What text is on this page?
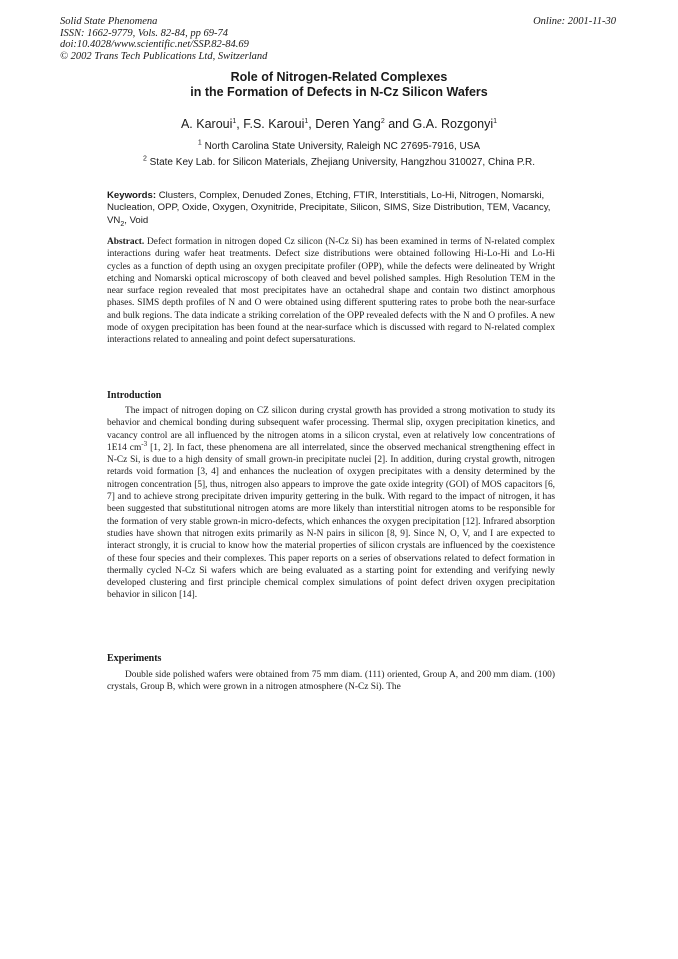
Solid State Phenomena
ISSN: 1662-9779, Vols. 82-84, pp 69-74
doi:10.4028/www.scientific.net/SSP.82-84.69
© 2002 Trans Tech Publications Ltd, Switzerland
Online: 2001-11-30
Role of Nitrogen-Related Complexes
in the Formation of Defects in N-Cz Silicon Wafers
A. Karoui$^1$, F.S. Karoui$^1$, Deren Yang$^2$ and G.A. Rozgonyi$^1$
$^1$ North Carolina State University, Raleigh NC 27695-7916, USA
$^2$ State Key Lab. for Silicon Materials, Zhejiang University, Hangzhou 310027, China P.R.
Keywords: Clusters, Complex, Denuded Zones, Etching, FTIR, Interstitials, Lo-Hi, Nitrogen, Nomarski, Nucleation, OPP, Oxide, Oxygen, Oxynitride, Precipitate, Silicon, SIMS, Size Distribution, TEM, Vacancy, $VN_2$, Void
Abstract. Defect formation in nitrogen doped Cz silicon (N-Cz Si) has been examined in terms of N-related complex interactions during wafer heat treatments. Defect size distributions were obtained following Hi-Lo-Hi and Lo-Hi cycles as a function of depth using an oxygen precipitate profiler (OPP), while the defects were delineated by Wright etching and Nomarski optical microscopy of both cleaved and bevel polished samples. High Resolution TEM in the near surface region revealed that most precipitates have an octahedral shape and contain two distinct amorphous phases. SIMS depth profiles of N and O were obtained using different sputtering rates to probe both the near-surface and bulk regions. The data indicate a striking correlation of the OPP revealed defects with the N and O profiles. A new mode of oxygen precipitation has been found at the near-surface which is discussed with regard to N-related complex interactions related to annealing and point defect supersaturations.
Introduction
The impact of nitrogen doping on CZ silicon during crystal growth has provided a strong motivation to study its behavior and chemical bonding during subsequent wafer processing. Thermal slip, oxygen precipitation kinetics, and vacancy control are all influenced by the nitrogen atoms in a silicon crystal, even at relatively low concentrations of 1E14 $cm^{-3}$ [1, 2]. In fact, these phenomena are all interrelated, since the observed mechanical strengthening effect in N-Cz Si, is due to a high density of small grown-in precipitate nuclei [2]. In addition, during crystal growth, nitrogen retards void formation [3, 4] and enhances the nucleation of oxygen precipitates with a density determined by the nitrogen concentration [5], thus, nitrogen also appears to improve the gate oxide integrity (GOI) of MOS capacitors [6, 7] and to achieve strong precipitate driven impurity gettering in the bulk. With regard to the impact of nitrogen, it has been suggested that substitutional nitrogen atoms are more likely than interstitial nitrogen atoms to be responsible for the formation of very stable grown-in micro-defects, which enhances the oxygen precipitation [12]. Infrared absorption studies have shown that nitrogen exits primarily as N-N pairs in silicon [8, 9]. Since N, O, V, and I are expected to interact strongly, it is crucial to know how the material properties of silicon crystals are influenced by the coexistence of these four species and their complexes. This paper reports on a series of observations related to defect formation in thermally cycled N-Cz Si wafers which are being evaluated as a starting point for extending and verifying newly developed clustering and first principle chemical complex simulations of point defect driven oxygen precipitation behavior in silicon [14].
Experiments
Double side polished wafers were obtained from 75 mm diam. (111) oriented, Group A, and 200 mm diam. (100) crystals, Group B, which were grown in a nitrogen atmosphere (N-Cz Si). The
